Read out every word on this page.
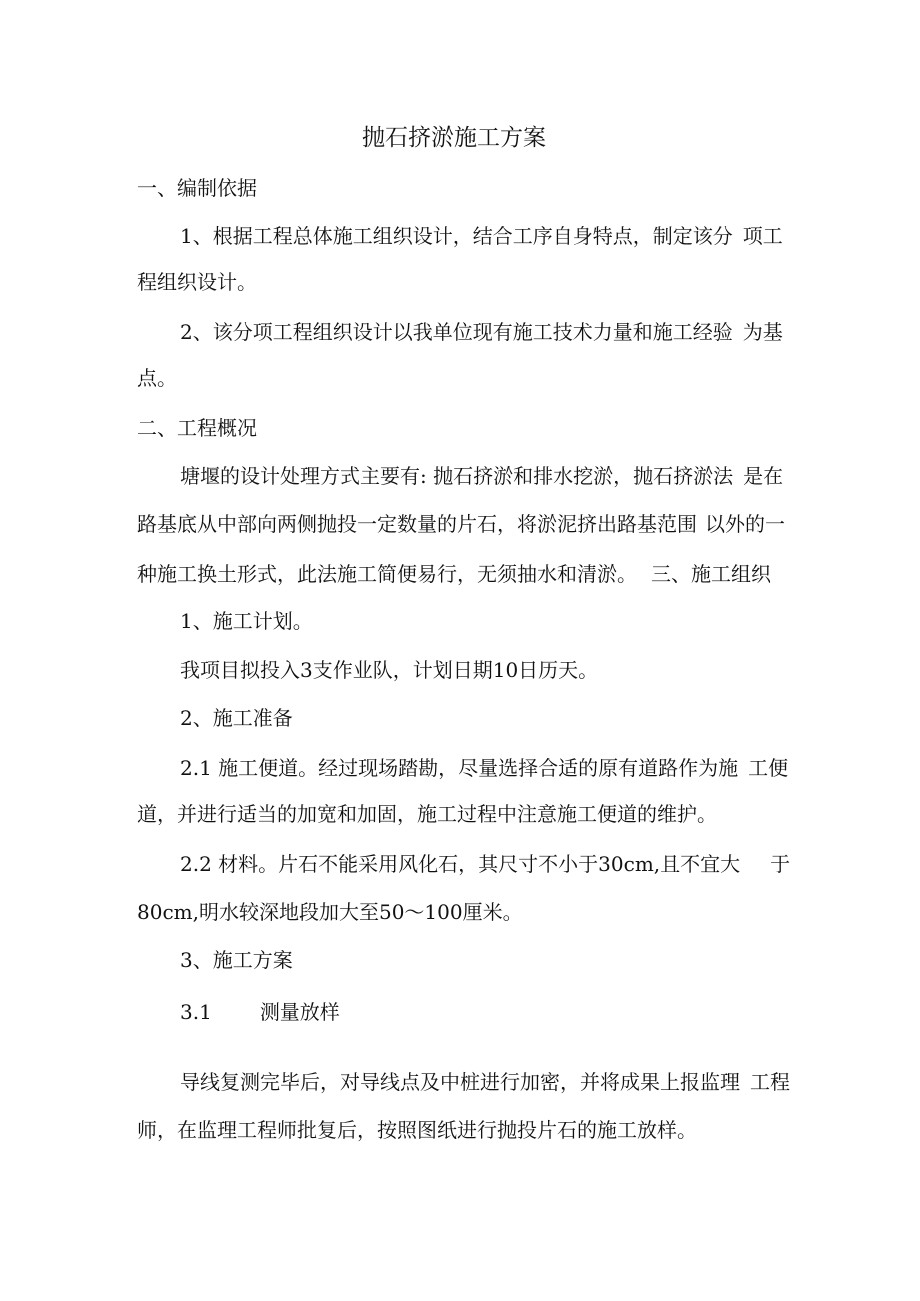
抛石挤淤施工方案
一、编制依据
1、根据工程总体施工组织设计，结合工序自身特点，制定该分 项工
程组织设计。
2、该分项工程组织设计以我单位现有施工技术力量和施工经验 为基
点。
二、工程概况
塘堰的设计处理方式主要有: 抛石挤淤和排水挖淤，抛石挤淤法 是在
路基底从中部向两侧抛投一定数量的片石，将淤泥挤出路基范围 以外的一
种施工换土形式，此法施工简便易行，无须抽水和清淤。 三、施工组织
1、施工计划。
我项目拟投入3支作业队，计划日期10日历天。
2、施工准备
2.1 施工便道。经过现场踏勘，尽量选择合适的原有道路作为施 工便
道，并进行适当的加宽和加固，施工过程中注意施工便道的维护。
2.2 材料。片石不能采用风化石，其尺寸不小于30cm,且不宜大 于
80cm,明水较深地段加大至50～100厘米。
3、施工方案
3.1 测量放样
导线复测完毕后，对导线点及中桩进行加密，并将成果上报监理 工程
师，在监理工程师批复后，按照图纸进行抛投片石的施工放样。
